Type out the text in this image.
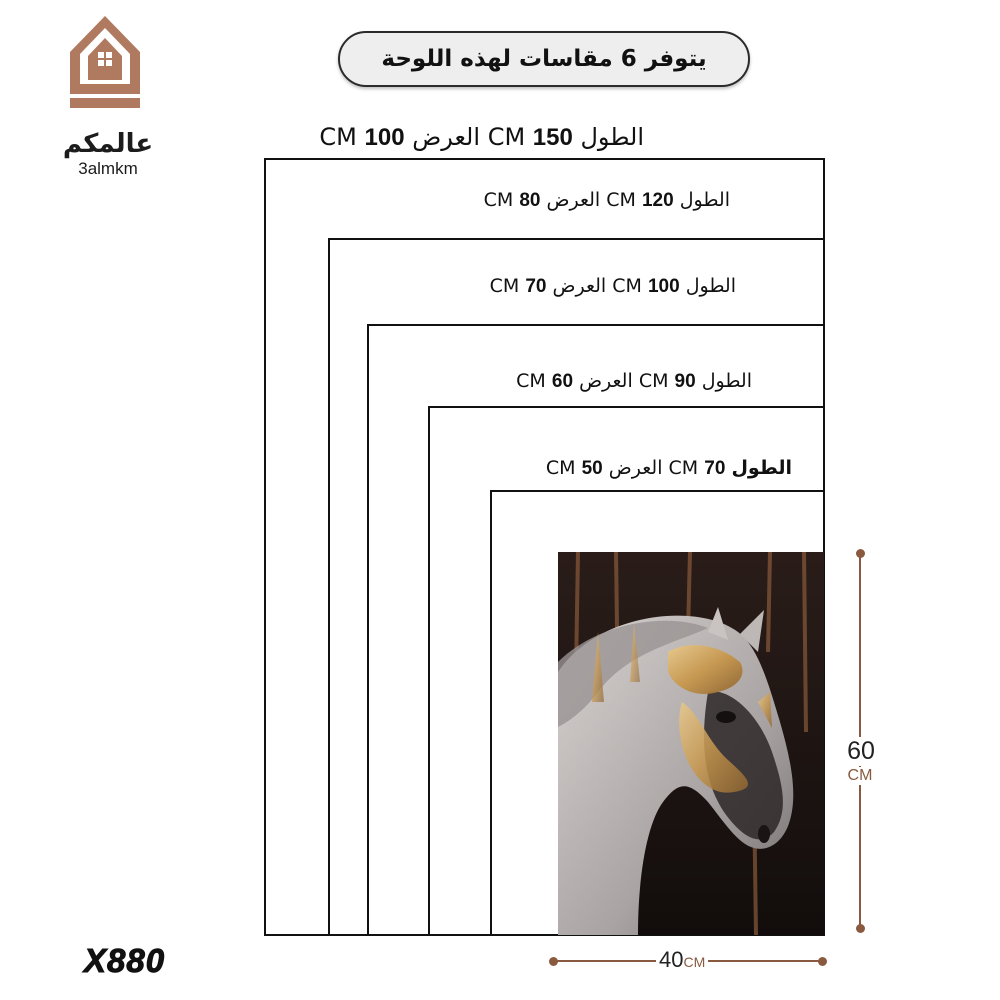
عالمكم
3almkm
يتوفر 6 مقاسات لهذه اللوحة
الطول 150 CM العرض CM 100
الطول 120 CM العرض CM 80
الطول 100 CM العرض CM 70
الطول 90 CM العرض CM 60
الطول 70 CM العرض CM 50
60
CM
40CM
X880
